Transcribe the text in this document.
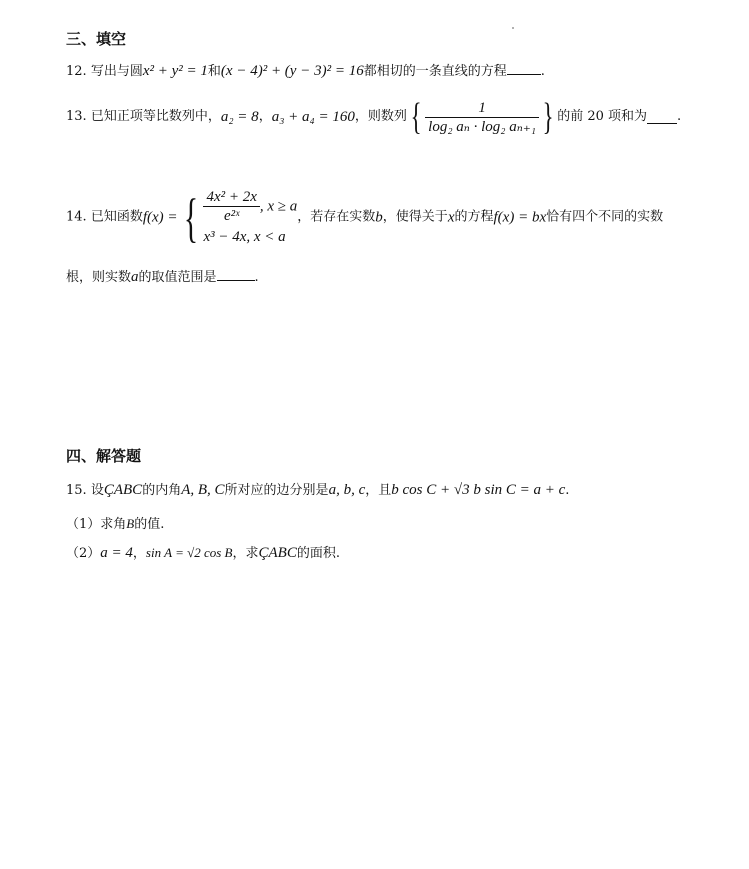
三、填空
12. 写出与圆x² + y² = 1和(x − 4)² + (y − 3)² = 16都相切的一条直线的方程	.
13. 已知正项等比数列中，a₂ = 8，a₃ + a₄ = 160，则数列{ $\frac{1}{\text{log₂ aₙ · log₂ aₙ₊₁}}$ } 的前 20 项和为 .
14. 已知函数f(x) = { $\frac{\text{4x² + 2x}}{\text{e²ˣ}}$ , x ≥ a
x³ − 4x, x < a
，若存在实数b，使得关于x的方程f(x) = bx恰有四个不同的实数
根，则实数a的取值范围是	.
四、解答题
15. 设ÇABC的内角A, B, C所对应的边分别是a, b, c，且b cos C + √3 b sin C = a + c.
（1）求角B的值.
（2）a = 4，sin A = √2 cos B，求ÇABC的面积.
